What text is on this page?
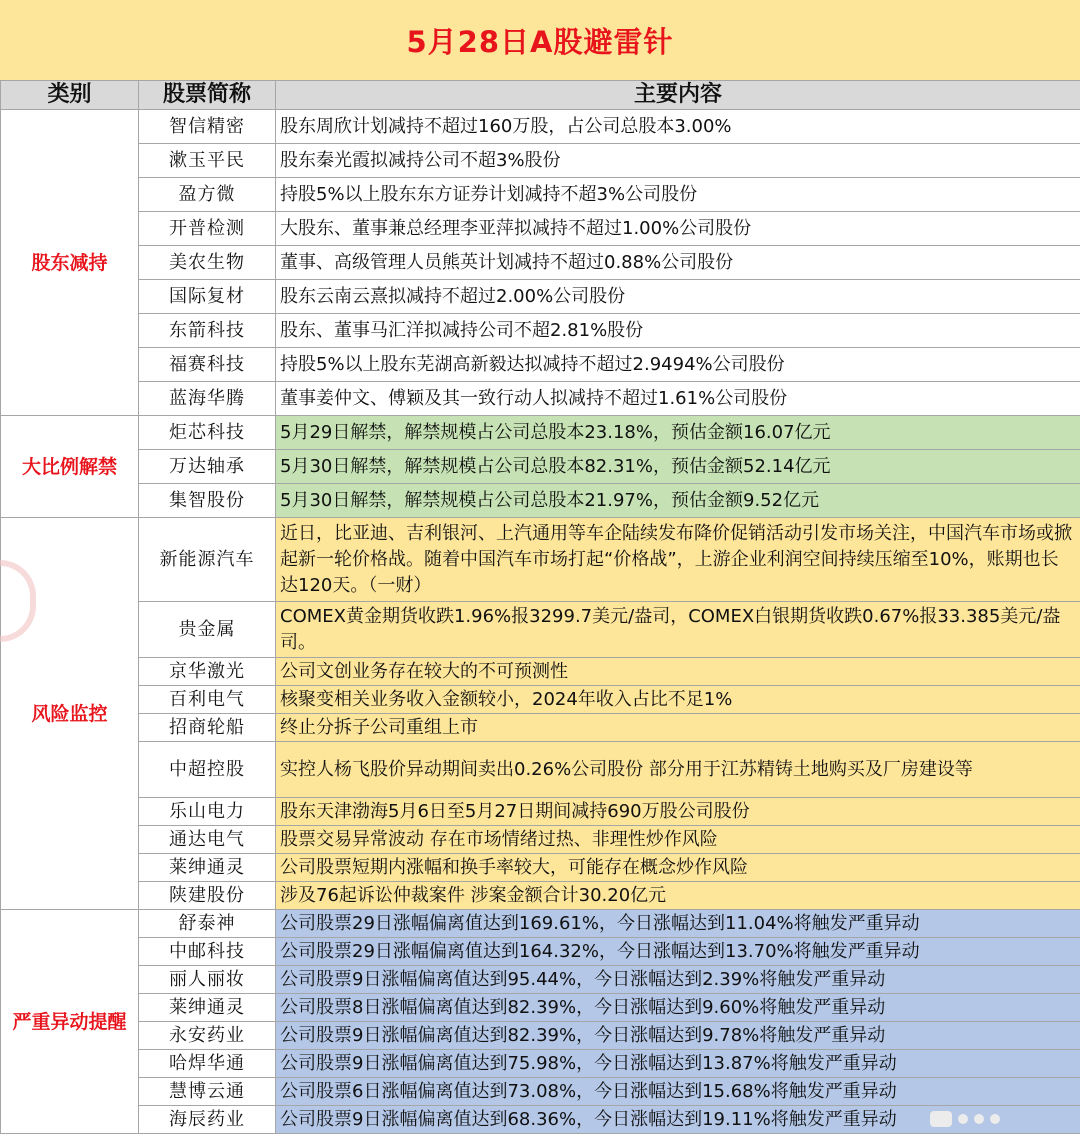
5月28日A股避雷针
类别	股票简称	主要内容
股东减持	智信精密	股东周欣计划减持不超过160万股，占公司总股本3.00%
	漱玉平民	股东秦光霞拟减持公司不超3%股份
	盈方微	持股5%以上股东东方证券计划减持不超3%公司股份
	开普检测	大股东、董事兼总经理李亚萍拟减持不超过1.00%公司股份
	美农生物	董事、高级管理人员熊英计划减持不超过0.88%公司股份
	国际复材	股东云南云熹拟减持不超过2.00%公司股份
	东箭科技	股东、董事马汇洋拟减持公司不超2.81%股份
	福赛科技	持股5%以上股东芜湖高新毅达拟减持不超过2.9494%公司股份
	蓝海华腾	董事姜仲文、傅颖及其一致行动人拟减持不超过1.61%公司股份
大比例解禁	炬芯科技	5月29日解禁，解禁规模占公司总股本23.18%，预估金额16.07亿元
	万达轴承	5月30日解禁，解禁规模占公司总股本82.31%，预估金额52.14亿元
	集智股份	5月30日解禁，解禁规模占公司总股本21.97%，预估金额9.52亿元
风险监控	新能源汽车	近日，比亚迪、吉利银河、上汽通用等车企陆续发布降价促销活动引发市场关注，中国汽车市场或掀起新一轮价格战。随着中国汽车市场打起“价格战”，上游企业利润空间持续压缩至10%，账期也长达120天。（一财）
	贵金属	COMEX黄金期货收跌1.96%报3299.7美元/盎司，COMEX白银期货收跌0.67%报33.385美元/盎司。
	京华激光	公司文创业务存在较大的不可预测性
	百利电气	核聚变相关业务收入金额较小，2024年收入占比不足1%
	招商轮船	终止分拆子公司重组上市
	中超控股	实控人杨飞股价异动期间卖出0.26%公司股份 部分用于江苏精铸土地购买及厂房建设等
	乐山电力	股东天津渤海5月6日至5月27日期间减持690万股公司股份
	通达电气	股票交易异常波动 存在市场情绪过热、非理性炒作风险
	莱绅通灵	公司股票短期内涨幅和换手率较大，可能存在概念炒作风险
	陕建股份	涉及76起诉讼仲裁案件 涉案金额合计30.20亿元
严重异动提醒	舒泰神	公司股票29日涨幅偏离值达到169.61%，今日涨幅达到11.04%将触发严重异动
	中邮科技	公司股票29日涨幅偏离值达到164.32%，今日涨幅达到13.70%将触发严重异动
	丽人丽妆	公司股票9日涨幅偏离值达到95.44%，今日涨幅达到2.39%将触发严重异动
	莱绅通灵	公司股票8日涨幅偏离值达到82.39%，今日涨幅达到9.60%将触发严重异动
	永安药业	公司股票9日涨幅偏离值达到82.39%，今日涨幅达到9.78%将触发严重异动
	哈焊华通	公司股票9日涨幅偏离值达到75.98%，今日涨幅达到13.87%将触发严重异动
	慧博云通	公司股票6日涨幅偏离值达到73.08%，今日涨幅达到15.68%将触发严重异动
	海辰药业	公司股票9日涨幅偏离值达到68.36%，今日涨幅达到19.11%将触发严重异动
